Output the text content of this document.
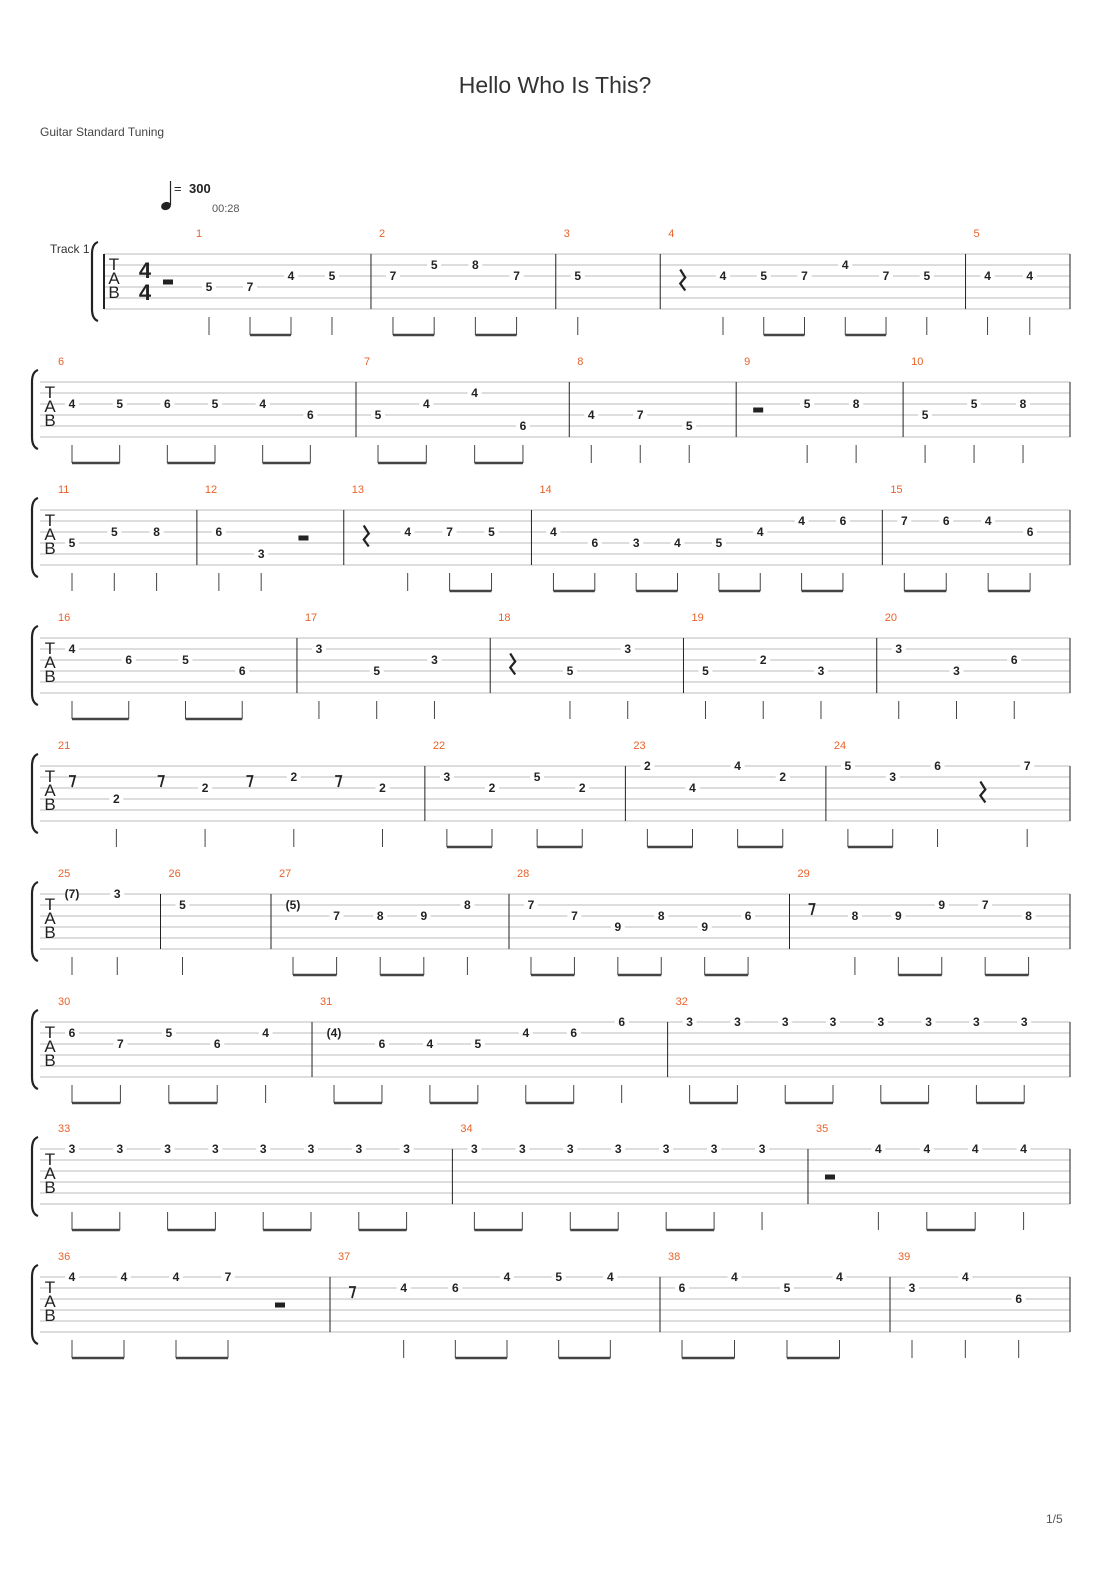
Hello Who Is This?
Guitar Standard Tuning
1/5
T
A
B
4
4
Track 1
= 300
00:28
1
5	7
4	5
2
7
5	8
7
3
5
4
4	5	7
4
7	5
5
4	4
T
A
B
6
4	5	6	5	4
6
7
5
4
4
6
8
4	7
5
9
5	8
10
5
5	8
T
A
B
11
5
5	8
12
6
3
13
4	7	5
14
4
6	3	4	5
4
4	6
15
7	6	4
6
T
A
B
16
4
6	5
6
17
3
5
3
18
5
3
19
5
2
3
20
3
3
6
T
A
B
21
2
2
2
2
22
3
2
5
2
23
2
4
4
2
24
5
3
6	7
T
A
B
25
(7)	3
26
5
27
(5)
7	8	9
8
28
7
7
9
8
9
6
29
8	9
9	7
8
T
A
B
30
6
7
5
6
4
31
(4)
6	4	5
4	6
6
32
3	3	3	3	3	3	3	3
T
A
B
33
3	3	3	3	3	3	3	3
34
3	3	3	3	3	3	3
35
4	4	4	4
T
A
B
36
4	4	4	7
37
4	6
4	5	4
38
6
4
5
4
39
3
4
6
